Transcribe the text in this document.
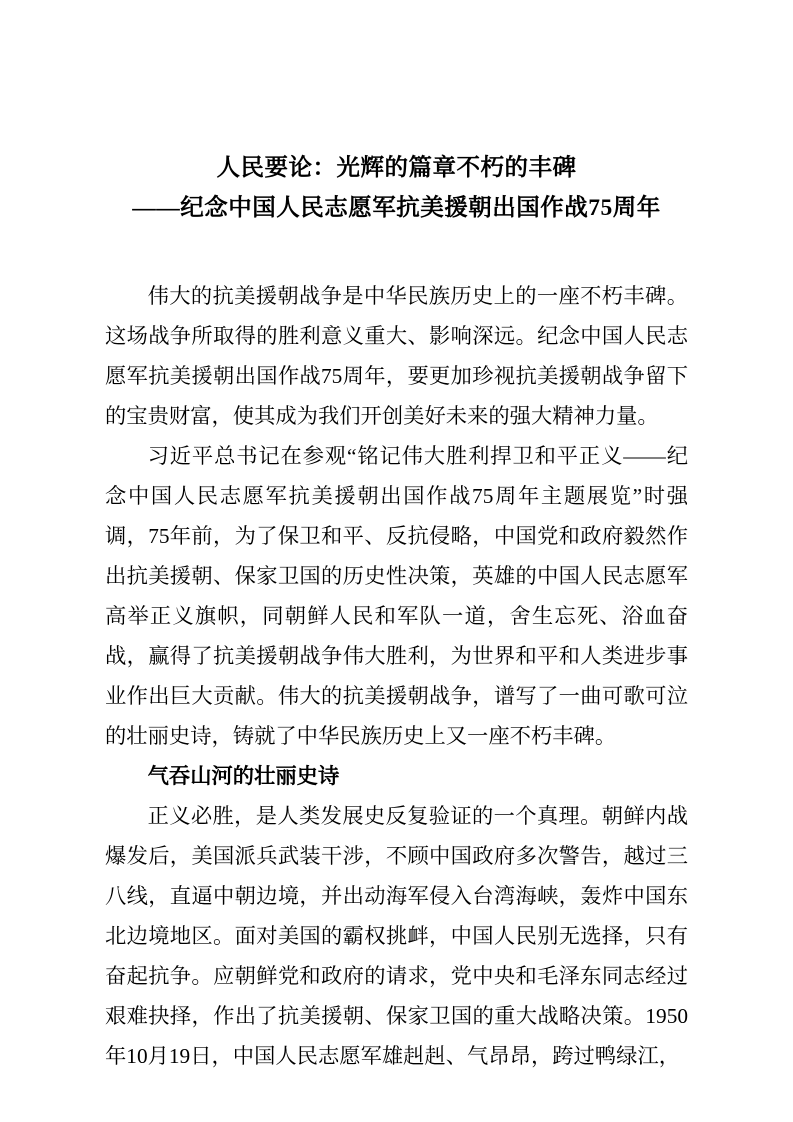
人民要论：光辉的篇章不朽的丰碑
——纪念中国人民志愿军抗美援朝出国作战75周年

伟大的抗美援朝战争是中华民族历史上的一座不朽丰碑。这场战争所取得的胜利意义重大、影响深远。纪念中国人民志愿军抗美援朝出国作战75周年，要更加珍视抗美援朝战争留下的宝贵财富，使其成为我们开创美好未来的强大精神力量。

习近平总书记在参观“铭记伟大胜利捍卫和平正义——纪念中国人民志愿军抗美援朝出国作战75周年主题展览”时强调，75年前，为了保卫和平、反抗侵略，中国党和政府毅然作出抗美援朝、保家卫国的历史性决策，英雄的中国人民志愿军高举正义旗帜，同朝鲜人民和军队一道，舍生忘死、浴血奋战，赢得了抗美援朝战争伟大胜利，为世界和平和人类进步事业作出巨大贡献。伟大的抗美援朝战争，谱写了一曲可歌可泣的壮丽史诗，铸就了中华民族历史上又一座不朽丰碑。

气吞山河的壮丽史诗

正义必胜，是人类发展史反复验证的一个真理。朝鲜内战爆发后，美国派兵武装干涉，不顾中国政府多次警告，越过三八线，直逼中朝边境，并出动海军侵入台湾海峡，轰炸中国东北边境地区。面对美国的霸权挑衅，中国人民别无选择，只有奋起抗争。应朝鲜党和政府的请求，党中央和毛泽东同志经过艰难抉择，作出了抗美援朝、保家卫国的重大战略决策。1950年10月19日，中国人民志愿军雄赳赳、气昂昂，跨过鸭绿江，
